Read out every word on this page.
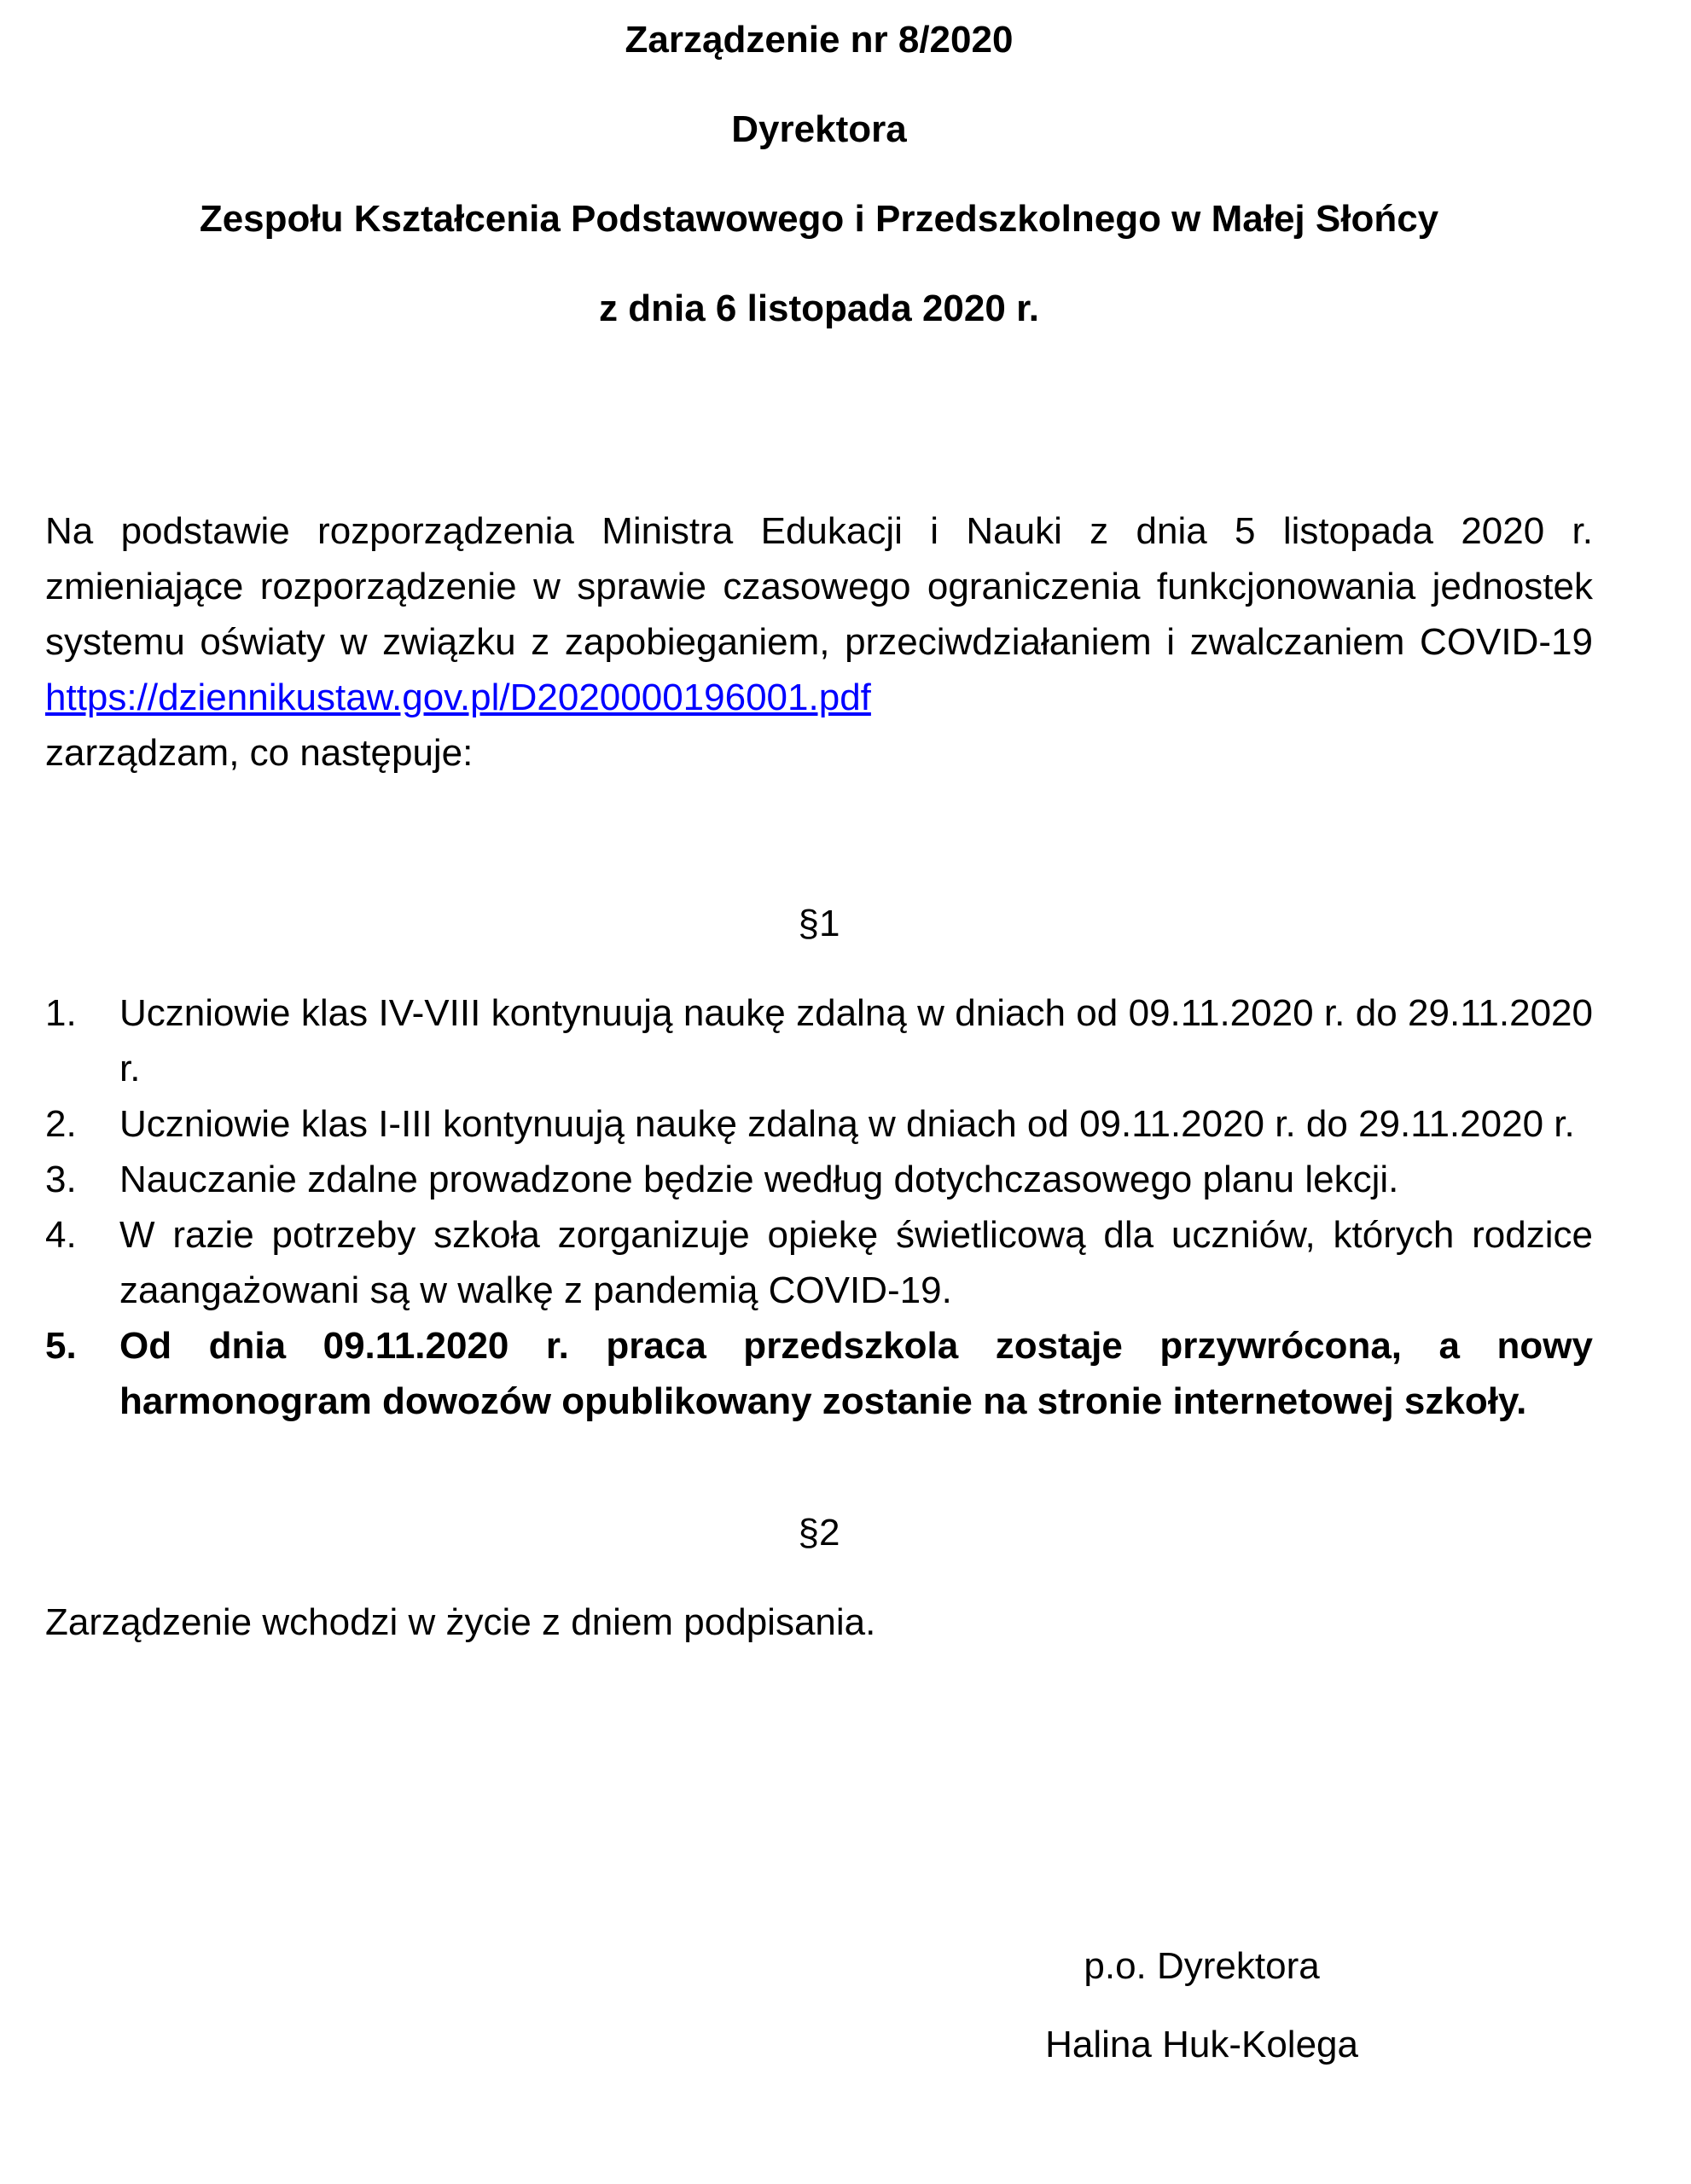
Zarządzenie nr 8/2020

Dyrektora

Zespołu Kształcenia Podstawowego i Przedszkolnego w Małej Słońcy

z dnia 6 listopada 2020 r.

Na podstawie rozporządzenia Ministra Edukacji i Nauki z dnia 5 listopada 2020 r. zmieniające rozporządzenie w sprawie czasowego ograniczenia funkcjonowania jednostek systemu oświaty w związku z zapobieganiem, przeciwdziałaniem i zwalczaniem COVID-19 https://dziennikustaw.gov.pl/D2020000196001.pdf
zarządzam, co następuje:

§1
1. Uczniowie klas IV-VIII kontynuują naukę zdalną w dniach od 09.11.2020 r. do 29.11.2020 r.
2. Uczniowie klas I-III kontynuują naukę zdalną w dniach od 09.11.2020 r. do 29.11.2020 r.
3. Nauczanie zdalne prowadzone będzie według dotychczasowego planu lekcji.
4. W razie potrzeby szkoła zorganizuje opiekę świetlicową dla uczniów, których rodzice zaangażowani są w walkę z pandemią COVID-19.
5. Od dnia 09.11.2020 r. praca przedszkola zostaje przywrócona, a nowy harmonogram dowozów opublikowany zostanie na stronie internetowej szkoły.
§2

Zarządzenie wchodzi w życie z dniem podpisania.

p.o. Dyrektora

Halina Huk-Kolega
